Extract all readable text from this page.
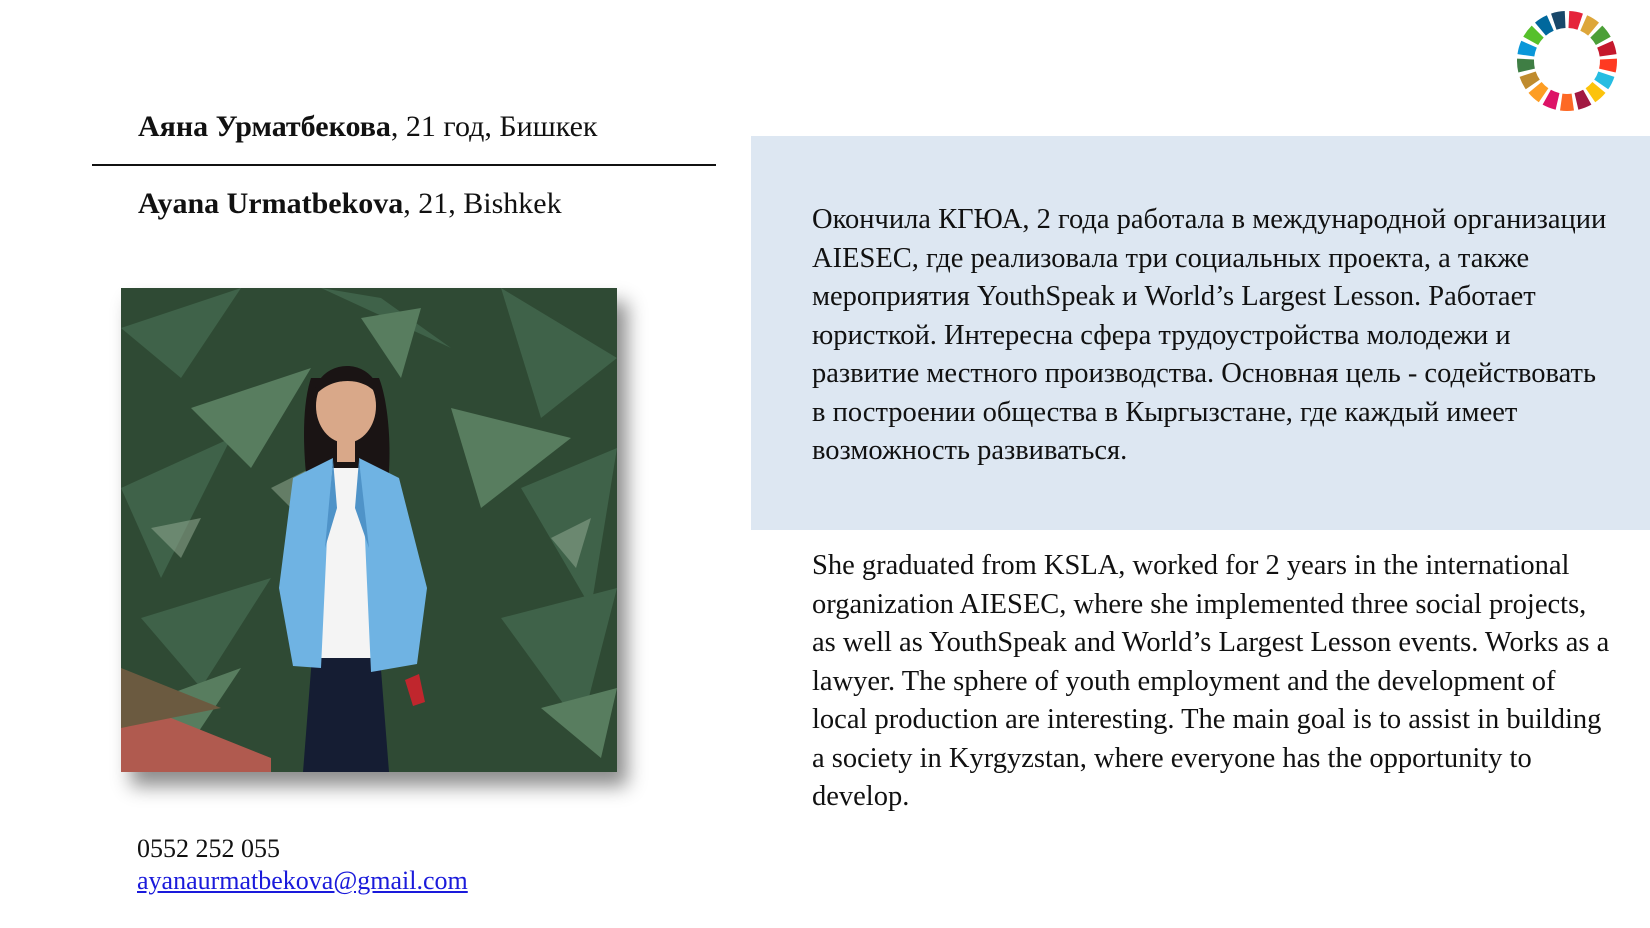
Аяна Урматбекова, 21 год, Бишкек
Ayana Urmatbekova, 21, Bishkek
0552 252 055
ayanaurmatbekova@gmail.com

Окончила КГЮА, 2 года работала в международной организации AIESEC, где реализовала три социальных проекта, а также мероприятия YouthSpeak и World’s Largest Lesson. Работает юристкой. Интересна сфера трудоустройства молодежи и развитие местного производства. Основная цель - содействовать в построении общества в Кыргызстане, где каждый имеет возможность развиваться.

She graduated from KSLA, worked for 2 years in the international organization AIESEC, where she implemented three social projects, as well as YouthSpeak and World’s Largest Lesson events. Works as a lawyer. The sphere of youth employment and the development of local production are interesting. The main goal is to assist in building a society in Kyrgyzstan, where everyone has the opportunity to develop.
